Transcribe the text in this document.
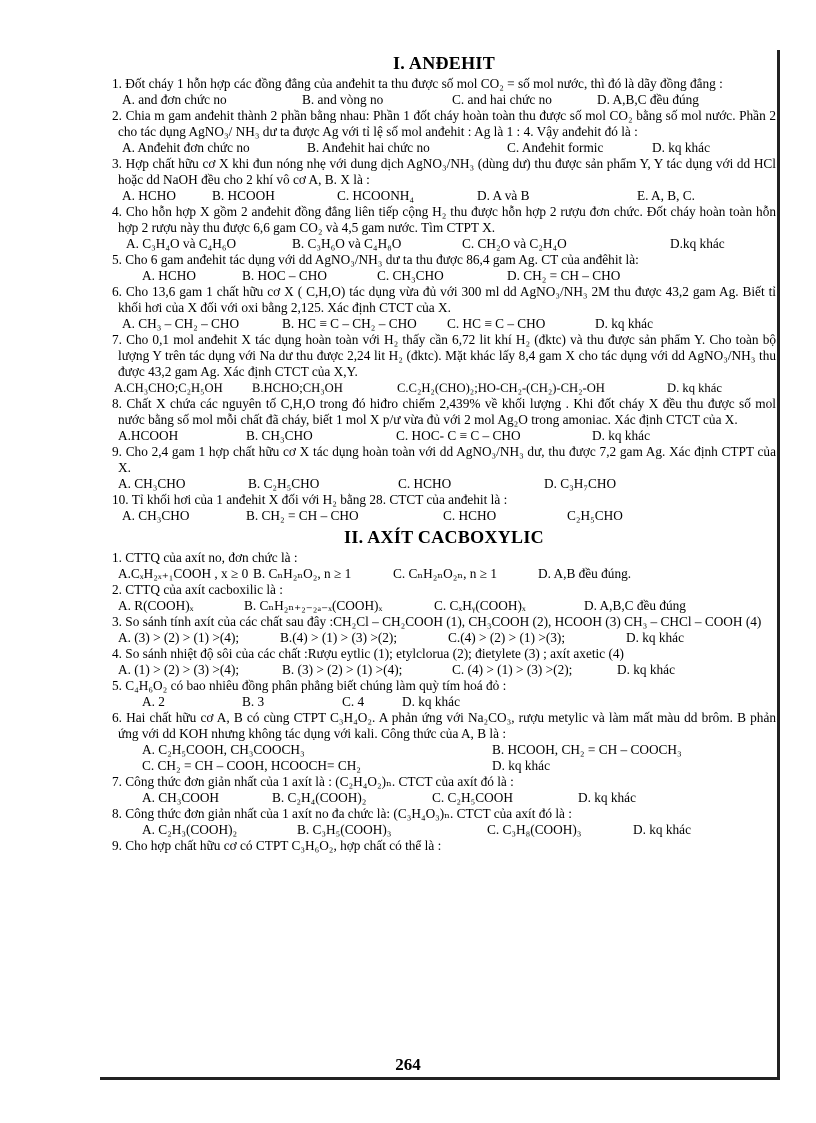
I. ANĐEHIT

1. Đốt cháy 1 hỗn hợp các đồng đẳng của anđehit ta thu được số mol CO₂ = số mol nước, thì đó là dãy đồng đẳng :

A. and đơn chức no	B. and vòng no	C. and hai chức no	D. A,B,C đều đúng

2. Chia m gam anđehit thành 2 phần bằng nhau: Phần 1 đốt cháy hoàn toàn thu được số mol CO₂ bằng số mol nước. Phần 2 cho tác dụng AgNO₃/ NH₃ dư ta được Ag với tỉ lệ số mol anđehit : Ag là 1 : 4. Vậy anđehit đó là :

A. Anđehit đơn chức no	B. Anđehit hai chức no	C. Anđehit formic	D. kq khác

3. Hợp chất hữu cơ X khi đun nóng nhẹ với dung dịch AgNO₃/NH₃ (dùng dư) thu được sản phẩm Y, Y tác dụng với dd HCl hoặc dd NaOH đều cho 2 khí vô cơ A, B. X là :

A. HCHO	B. HCOOH	C. HCOONH₄	D. A và B	E. A, B, C.

4. Cho hỗn hợp X gồm 2 anđehit đồng đẳng liên tiếp cộng H₂ thu được hỗn hợp 2 rượu đơn chức. Đốt cháy hoàn toàn hỗn hợp 2 rượu này thu được 6,6 gam CO₂ và 4,5 gam nước. Tìm CTPT X.

A. C₃H₄O và C₄H₆O	B. C₃H₆O và C₄H₈O	C. CH₂O và C₂H₄O	D.kq khác

5. Cho 6 gam anđehit tác dụng với dd AgNO₃/NH₃ dư ta thu được 86,4 gam Ag. CT của anđêhit là:

A. HCHO	B. HOC – CHO	C. CH₃CHO	D. CH₂ = CH – CHO

6. Cho 13,6 gam 1 chất hữu cơ X ( C,H,O) tác dụng vừa đủ với 300 ml dd AgNO₃/NH₃ 2M thu được 43,2 gam Ag. Biết tỉ khối hơi của X đối với oxi bằng 2,125. Xác định CTCT của X.

A. CH₃ – CH₂ – CHO	B. HC ≡ C – CH₂ – CHO	C. HC ≡ C – CHO	D. kq khác

7. Cho 0,1 mol anđehit X tác dụng hoàn toàn với H₂ thấy cần 6,72 lit khí H₂ (đktc) và thu được sản phẩm Y. Cho toàn bộ lượng Y trên tác dụng với Na dư thu được 2,24 lit H₂ (đktc). Mặt khác lấy 8,4 gam X cho tác dụng với dd AgNO₃/NH₃ thu được 43,2 gam Ag. Xác định CTCT của X,Y.

A.CH₃CHO;C₂H₅OH	B.HCHO;CH₃OH	C.C₂H₂(CHO)₂;HO-CH₂-(CH₂)-CH₂-OH	D. kq khác

8. Chất X chứa các nguyên tố C,H,O trong đó hiđro chiếm 2,439% về khối lượng . Khi đốt cháy X đều thu được số mol nước bằng số mol mỗi chất đã cháy, biết 1 mol X p/ư vừa đủ với 2 mol Ag₂O trong amoniac. Xác định CTCT của X.

A.HCOOH	B. CH₃CHO	C. HOC- C ≡ C – CHO	D. kq khác

9. Cho 2,4 gam 1 hợp chất hữu cơ X tác dụng hoàn toàn với dd AgNO₃/NH₃ dư, thu được 7,2 gam Ag. Xác định CTPT của X.

A. CH₃CHO	B. C₂H₅CHO	C. HCHO	D. C₃H₇CHO

10. Tỉ khối hơi của 1 anđehit X đối với H₂ bằng 28. CTCT của anđehit là :

A. CH₃CHO	B. CH₂ = CH – CHO	C. HCHO	C₂H₅CHO
II. AXÍT CACBOXYLIC

1. CTTQ của axít no, đơn chức là :

A.CₓH₂ₓ₊₁COOH , x ≥ 0 B. CₙH₂ₙO₂, n ≥ 1	C. CₙH₂ₙO₂ₙ, n ≥ 1	D. A,B đều đúng.

2. CTTQ của axít cacboxilic là :

A. R(COOH)ₓ	B. CₙH₂ₙ₊₂₋₂ₐ₋ₓ(COOH)ₓ	C. CₓHᵧ(COOH)ₓ	D. A,B,C đều đúng

3. So sánh tính axít của các chất sau đây :CH₂Cl – CH₂COOH (1), CH₃COOH (2), HCOOH (3) CH₃ – CHCl – COOH (4)

A. (3) > (2) > (1) >(4);	B.(4) > (1) > (3) >(2);	C.(4) > (2) > (1) >(3);	D. kq khác

4. So sánh nhiệt độ sôi của các chất :Rượu eytlic (1); etylclorua (2); đietylete (3) ; axít axetic (4)

A. (1) > (2) > (3) >(4);	B. (3) > (2) > (1) >(4);	C. (4) > (1) > (3) >(2);	D. kq khác

5. C₄H₆O₂ có bao nhiêu đồng phân phẳng biết chúng làm quỳ tím hoá đỏ :

A. 2	B. 3	C. 4	D. kq khác

6. Hai chất hữu cơ A, B có cùng CTPT C₃H₄O₂. A phản ứng với Na₂CO₃, rượu metylic và làm mất màu dd brôm. B phản ứng với dd KOH nhưng không tác dụng với kali. Công thức của A, B là :

A. C₂H₅COOH, CH₃COOCH₃	B. HCOOH, CH₂ = CH – COOCH₃
C. CH₂ = CH – COOH, HCOOCH= CH₂	D. kq khác

7. Công thức đơn giản nhất của 1 axít là : (C₂H₄O₂)ₙ. CTCT của axít đó là :

A. CH₃COOH	B. C₂H₄(COOH)₂	C. C₂H₅COOH	D. kq khác

8. Công thức đơn giản nhất của 1 axít no đa chức là: (C₃H₄O₃)ₙ. CTCT của axít đó là :

A. C₂H₃(COOH)₂	B. C₃H₅(COOH)₃	C. C₃H₈(COOH)₃	D. kq khác

9. Cho hợp chất hữu cơ có CTPT C₃H₆O₂, hợp chất có thể là :

264
